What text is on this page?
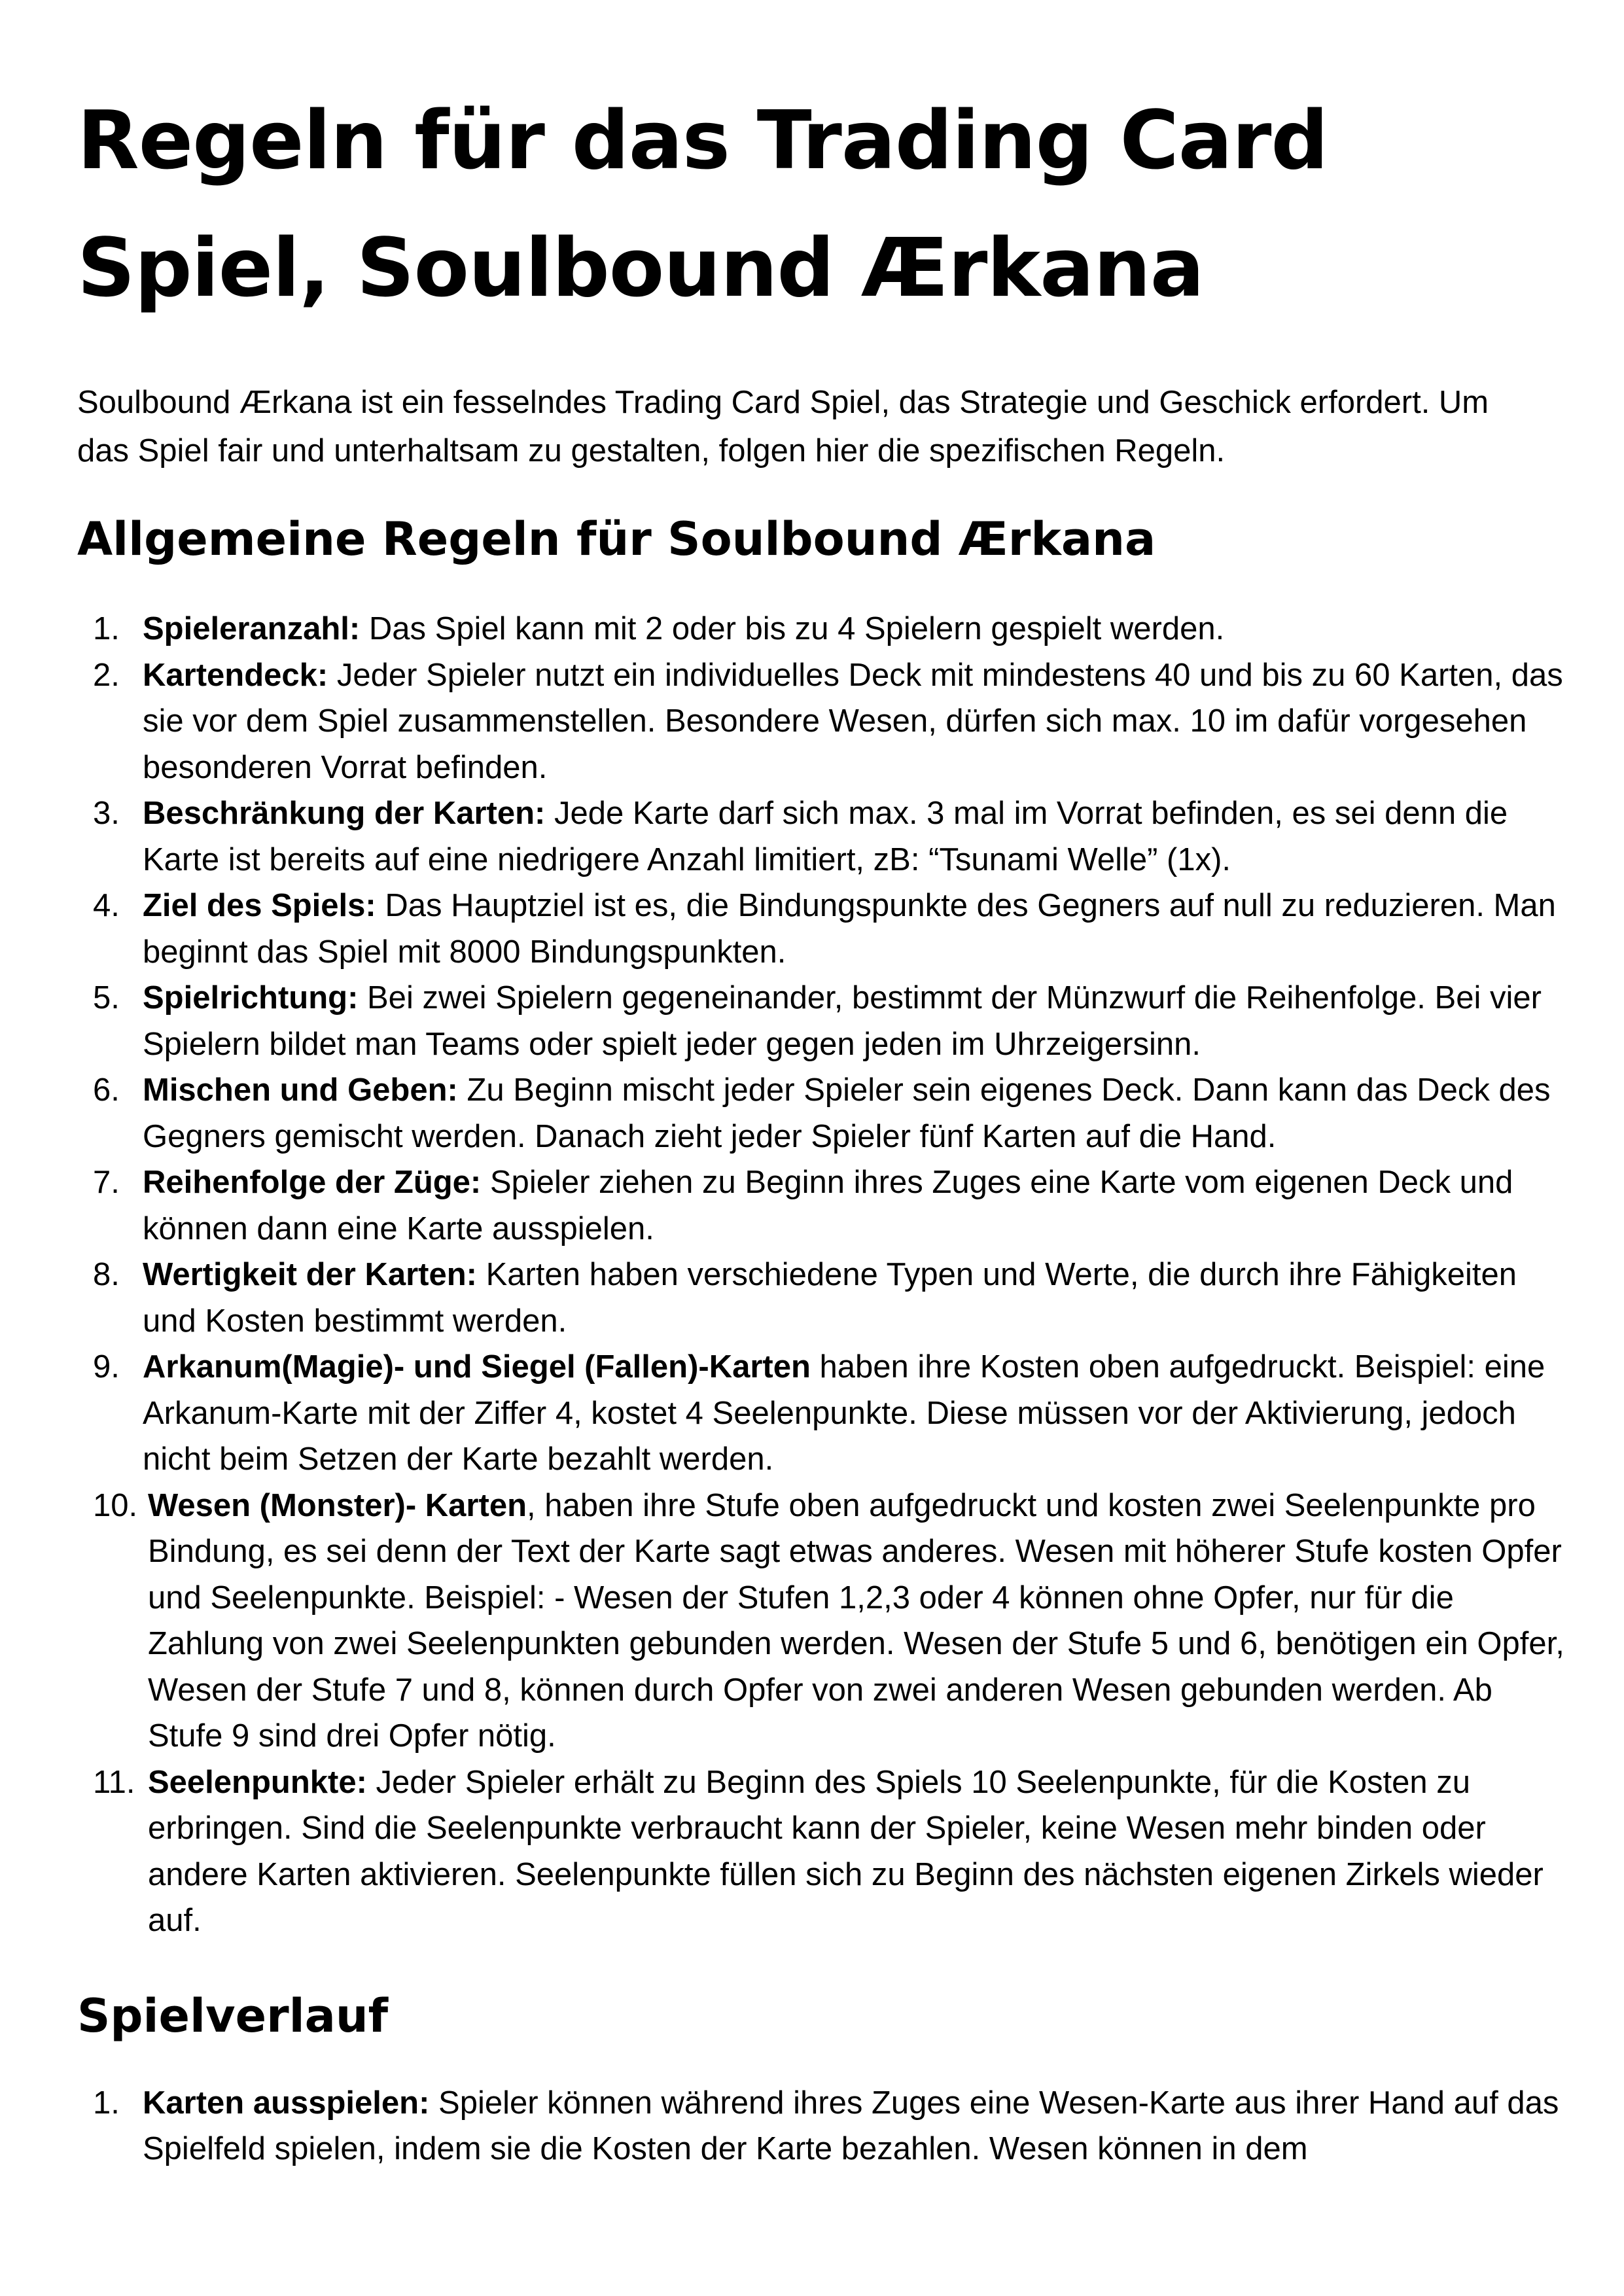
Regeln für das Trading Card Spiel, Soulbound Ærkana

Soulbound Ærkana ist ein fesselndes Trading Card Spiel, das Strategie und Geschick erfordert. Um das Spiel fair und unterhaltsam zu gestalten, folgen hier die spezifischen Regeln.

Allgemeine Regeln für Soulbound Ærkana
1. Spieleranzahl: Das Spiel kann mit 2 oder bis zu 4 Spielern gespielt werden.
2. Kartendeck: Jeder Spieler nutzt ein individuelles Deck mit mindestens 40 und bis zu 60 Karten, das sie vor dem Spiel zusammenstellen. Besondere Wesen, dürfen sich max. 10 im dafür vorgesehen besonderen Vorrat befinden.
3. Beschränkung der Karten: Jede Karte darf sich max. 3 mal im Vorrat befinden, es sei denn die Karte ist bereits auf eine niedrigere Anzahl limitiert, zB: “Tsunami Welle” (1x).
4. Ziel des Spiels: Das Hauptziel ist es, die Bindungspunkte des Gegners auf null zu reduzieren. Man beginnt das Spiel mit 8000 Bindungspunkten.
5. Spielrichtung: Bei zwei Spielern gegeneinander, bestimmt der Münzwurf die Reihenfolge. Bei vier Spielern bildet man Teams oder spielt jeder gegen jeden im Uhrzeigersinn.
6. Mischen und Geben: Zu Beginn mischt jeder Spieler sein eigenes Deck. Dann kann das Deck des Gegners gemischt werden. Danach zieht jeder Spieler fünf Karten auf die Hand.
7. Reihenfolge der Züge: Spieler ziehen zu Beginn ihres Zuges eine Karte vom eigenen Deck und können dann eine Karte ausspielen.
8. Wertigkeit der Karten: Karten haben verschiedene Typen und Werte, die durch ihre Fähigkeiten und Kosten bestimmt werden.
9. Arkanum(Magie)- und Siegel (Fallen)-Karten haben ihre Kosten oben aufgedruckt. Beispiel: eine Arkanum-Karte mit der Ziffer 4, kostet 4 Seelenpunkte. Diese müssen vor der Aktivierung, jedoch nicht beim Setzen der Karte bezahlt werden.
10. Wesen (Monster)- Karten, haben ihre Stufe oben aufgedruckt und kosten zwei Seelenpunkte pro Bindung, es sei denn der Text der Karte sagt etwas anderes. Wesen mit höherer Stufe kosten Opfer und Seelenpunkte. Beispiel: - Wesen der Stufen 1,2,3 oder 4 können ohne Opfer, nur für die Zahlung von zwei Seelenpunkten gebunden werden. Wesen der Stufe 5 und 6, benötigen ein Opfer, Wesen der Stufe 7 und 8, können durch Opfer von zwei anderen Wesen gebunden werden. Ab Stufe 9 sind drei Opfer nötig.
11. Seelenpunkte: Jeder Spieler erhält zu Beginn des Spiels 10 Seelenpunkte, für die Kosten zu erbringen. Sind die Seelenpunkte verbraucht kann der Spieler, keine Wesen mehr binden oder andere Karten aktivieren. Seelenpunkte füllen sich zu Beginn des nächsten eigenen Zirkels wieder auf.
Spielverlauf
1. Karten ausspielen: Spieler können während ihres Zuges eine Wesen-Karte aus ihrer Hand auf das Spielfeld spielen, indem sie die Kosten der Karte bezahlen. Wesen können in dem
